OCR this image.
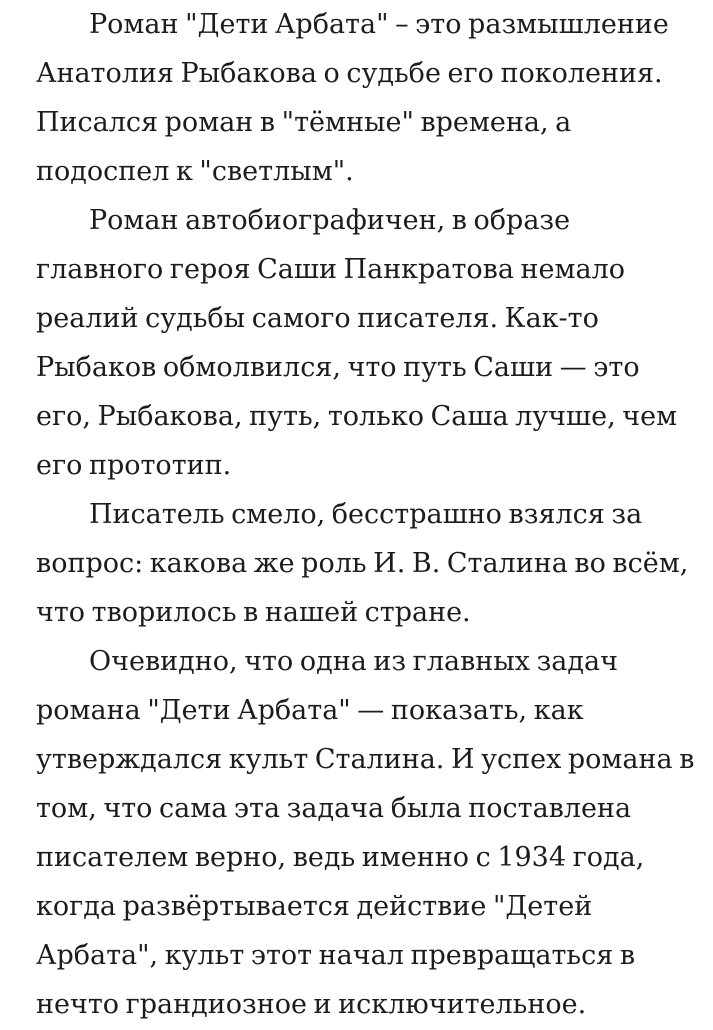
Роман "Дети Арбата" – это размышление Анатолия Рыбакова о судьбе его поколения. Писался роман в "тёмные" времена, а подоспел к "светлым".

Роман автобиографичен, в образе главного героя Саши Панкратова немало реалий судьбы самого писателя. Как-то Рыбаков обмолвился, что путь Саши — это его, Рыбакова, путь, только Саша лучше, чем его прототип.

Писатель смело, бесстрашно взялся за вопрос: какова же роль И. В. Сталина во всём, что творилось в нашей стране.

Очевидно, что одна из главных задач романа "Дети Арбата" — показать, как утверждался культ Сталина. И успех романа в том, что сама эта задача была поставлена писателем верно, ведь именно с 1934 года, когда развёртывается действие "Детей Арбата", культ этот начал превращаться в нечто грандиозное и исключительное.
